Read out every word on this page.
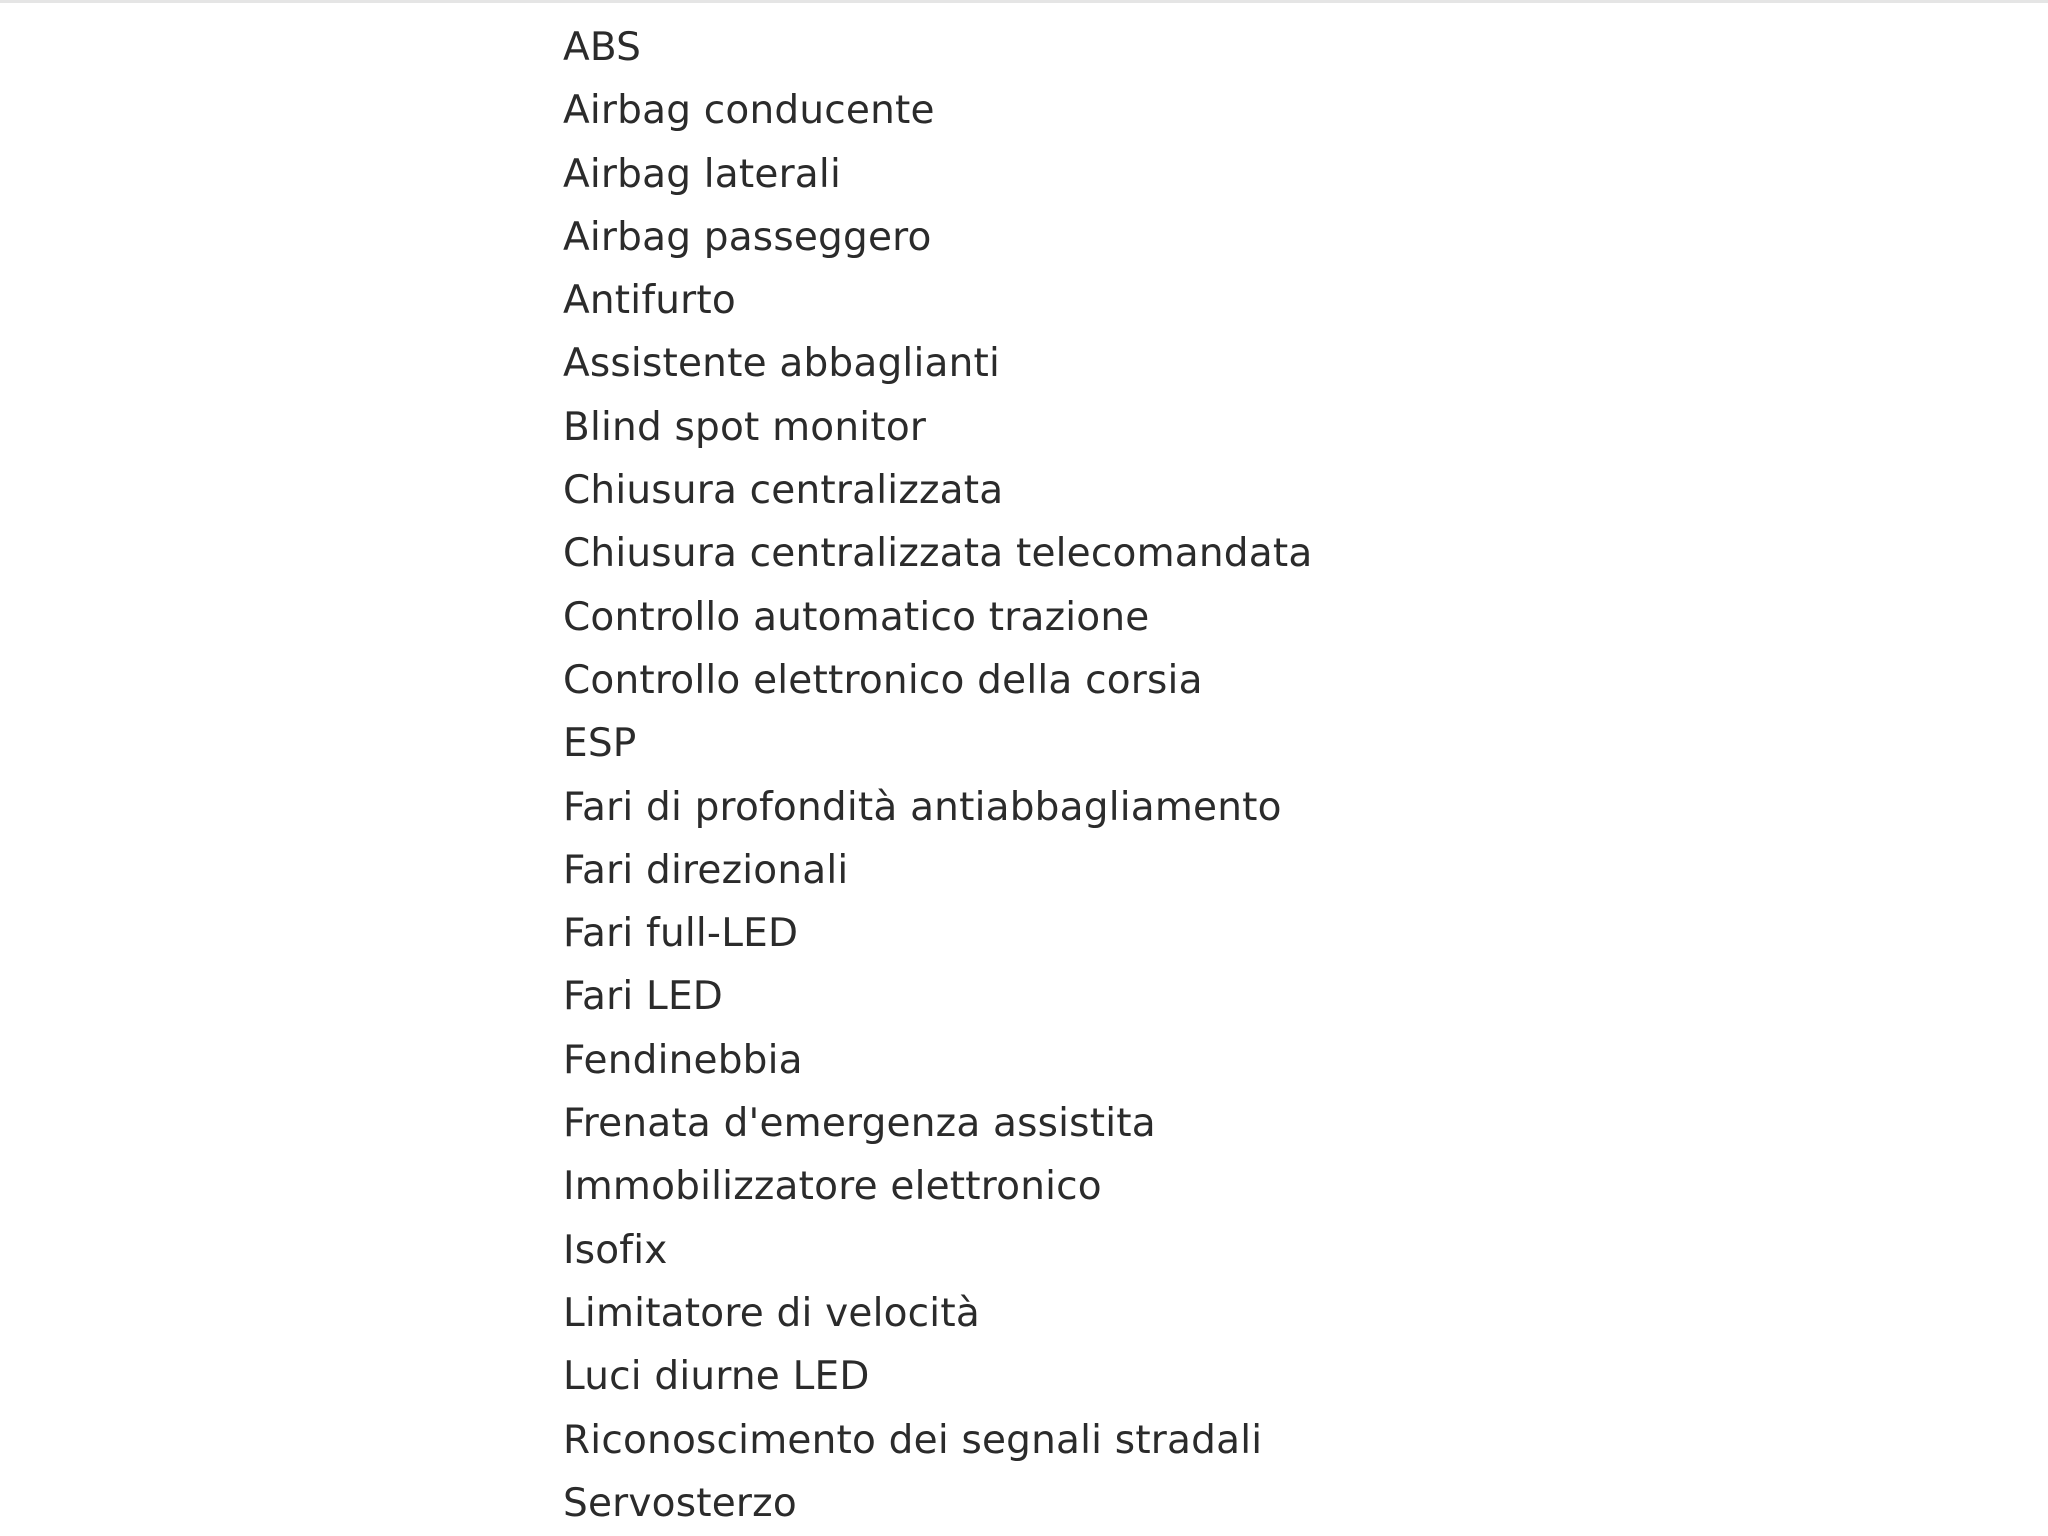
ABS
Airbag conducente
Airbag laterali
Airbag passeggero
Antifurto
Assistente abbaglianti
Blind spot monitor
Chiusura centralizzata
Chiusura centralizzata telecomandata
Controllo automatico trazione
Controllo elettronico della corsia
ESP
Fari di profondità antiabbagliamento
Fari direzionali
Fari full-LED
Fari LED
Fendinebbia
Frenata d'emergenza assistita
Immobilizzatore elettronico
Isofix
Limitatore di velocità
Luci diurne LED
Riconoscimento dei segnali stradali
Servosterzo
